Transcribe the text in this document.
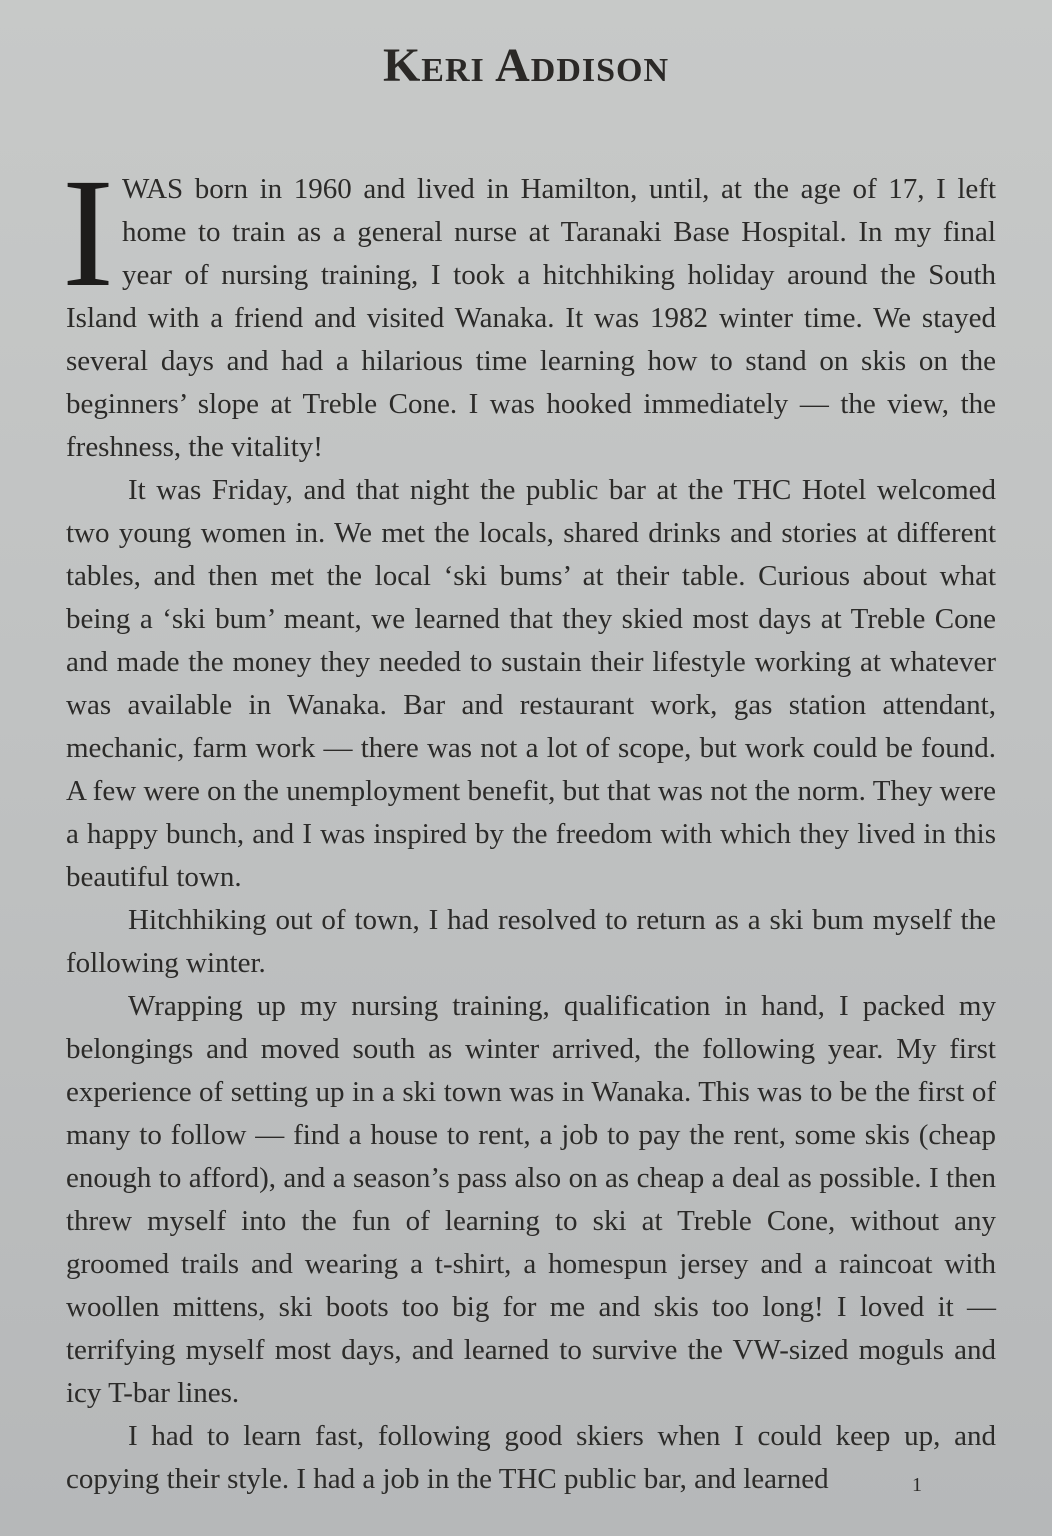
Keri Addison

IWAS born in 1960 and lived in Hamilton, until, at the age of 17, I left home to train as a general nurse at Taranaki Base Hospital. In my final year of nursing training, I took a hitchhiking holiday around the South Island with a friend and visited Wanaka. It was 1982 winter time. We stayed several days and had a hilarious time learning how to stand on skis on the beginners’ slope at Treble Cone. I was hooked immediately — the view, the freshness, the vitality!

It was Friday, and that night the public bar at the THC Hotel welcomed two young women in. We met the locals, shared drinks and stories at different tables, and then met the local ‘ski bums’ at their table. Curious about what being a ‘ski bum’ meant, we learned that they skied most days at Treble Cone and made the money they needed to sustain their lifestyle working at whatever was available in Wanaka. Bar and restaurant work, gas station attendant, mechanic, farm work — there was not a lot of scope, but work could be found. A few were on the unemployment benefit, but that was not the norm. They were a happy bunch, and I was inspired by the freedom with which they lived in this beautiful town.

Hitchhiking out of town, I had resolved to return as a ski bum myself the following winter.

Wrapping up my nursing training, qualification in hand, I packed my belongings and moved south as winter arrived, the following year. My first experience of setting up in a ski town was in Wanaka. This was to be the first of many to follow — find a house to rent, a job to pay the rent, some skis (cheap enough to afford), and a season’s pass also on as cheap a deal as possible. I then threw myself into the fun of learning to ski at Treble Cone, without any groomed trails and wearing a t-shirt, a homespun jersey and a raincoat with woollen mittens, ski boots too big for me and skis too long! I loved it — terrifying myself most days, and learned to survive the VW-sized moguls and icy T-bar lines.

I had to learn fast, following good skiers when I could keep up, and copying their style. I had a job in the THC public bar, and learned	1
